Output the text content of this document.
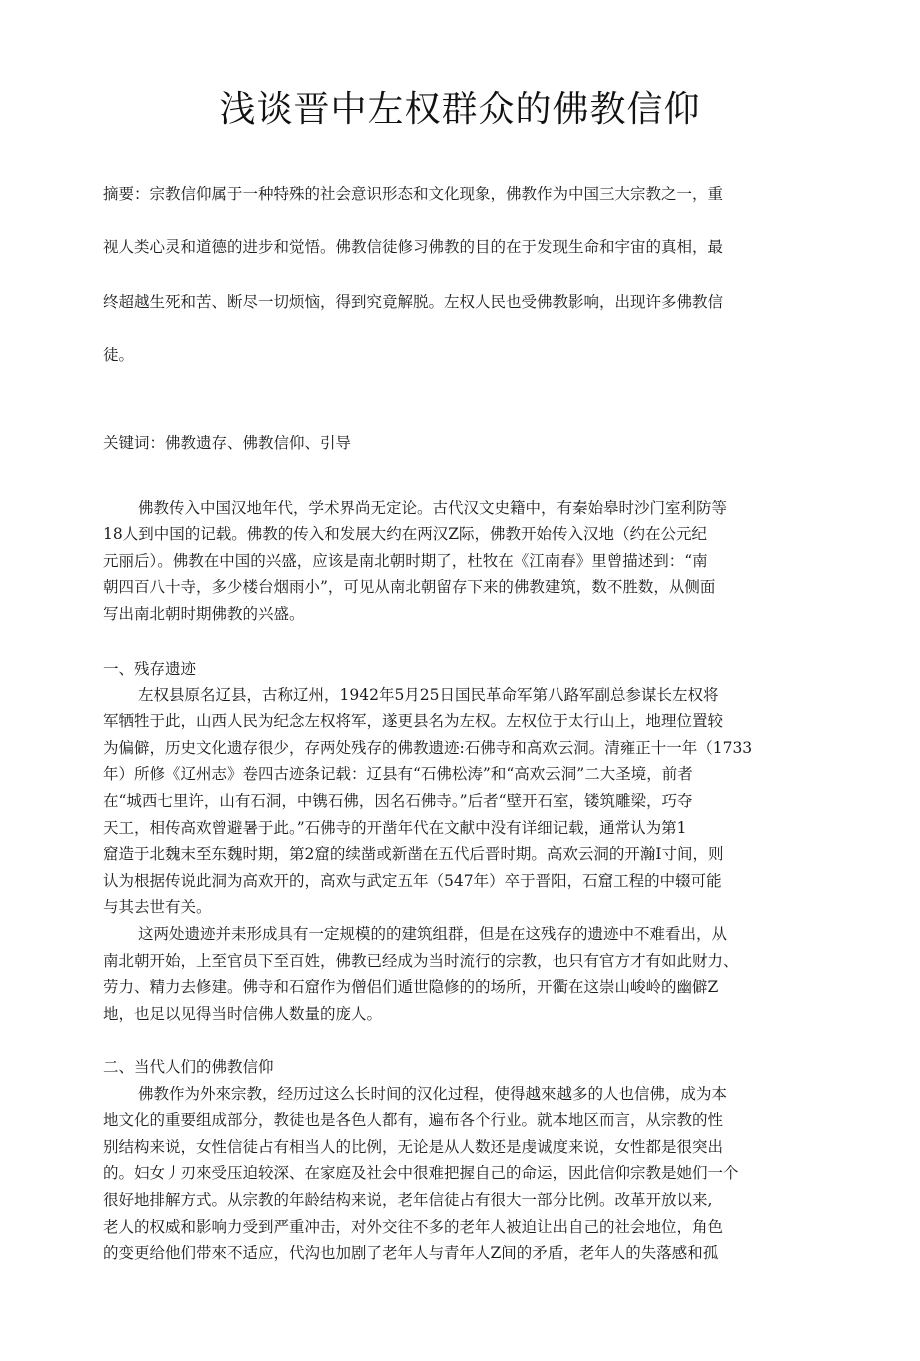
浅谈晋中左权群众的佛教信仰
摘要：宗教信仰属于一种特殊的社会意识形态和文化现象，佛教作为中国三大宗教之一，重
视人类心灵和道德的进步和觉悟。佛教信徒修习佛教的目的在于发现生命和宇宙的真相，最
终超越生死和苦、断尽一切烦恼，得到究竟解脱。左权人民也受佛教影响，出现许多佛教信
徒。
关键词：佛教遗存、佛教信仰、引导
佛教传入中国汉地年代，学术界尚无定论。古代汉文史籍中，有秦始皋时沙门室利防等
18人到中国的记载。佛教的传入和发展大约在两汉Z际，佛教开始传入汉地（约在公元纪
元丽后）。佛教在中国的兴盛，应该是南北朝时期了，杜牧在《江南春》里曾描述到：“南
朝四百八十寺，多少楼台烟雨小”，可见从南北朝留存下来的佛教建筑，数不胜数，从侧面
写出南北朝时期佛教的兴盛。
一、残存遗迹
左权县原名辽县，古称辽州，1942年5月25日国民革命军第八路军副总参谋长左权将
军牺牲于此，山西人民为纪念左权将军，遂更县名为左权。左权位于太行山上，地理位置较
为偏僻，历史文化遗存很少，存两处残存的佛教遗迹:石佛寺和高欢云洞。清雍正十一年（1733
年）所修《辽州志》卷四古迹条记载：辽县有“石佛松涛”和“高欢云洞”二大圣境，前者
在“城西七里许，山有石洞，中镌石佛，因名石佛寺。”后者“壁开石室，镂筑雕梁，巧夺
天工，相传高欢曾避暑于此。”石佛寺的开凿年代在文献中没有详细记载，通常认为第1
窟造于北魏末至东魏时期，第2窟的续凿或新凿在五代后晋时期。高欢云洞的开瀚I寸间，则
认为根据传说此洞为高欢开的，高欢与武定五年（547年）卒于晋阳，石窟工程的中辍可能
与其去世有关。
这两处遗迹并耒形成具有一定规模的的建筑组群，但是在这残存的遗迹中不难看出，从
南北朝开始，上至官员下至百姓，佛教已经成为当时流行的宗教，也只有官方才有如此财力、
劳力、精力去修建。佛寺和石窟作为僧侣们遁世隐修的的场所，开衢在这崇山峻岭的幽僻Z
地，也足以见得当时信佛人数量的庞人。
二、当代人们的佛教信仰
佛教作为外來宗教，经历过这么长时间的汉化过程，使得越來越多的人也信佛，成为本
地文化的重要组成部分，教徒也是各色人都有，遍布各个行业。就本地区而言，从宗教的性
别结构来说，女性信徒占有相当人的比例，无论是从人数还是虔诚度来说，女性都是很突出
的。妇女丿刃來受压迫较深、在家庭及社会中很难把握自己的命运，因此信仰宗教是她们一个
很好地排解方式。从宗教的年龄结构来说，老年信徒占有很大一部分比例。改革开放以来,
老人的权威和影响力受到严重冲击，对外交往不多的老年人被迫让出自己的社会地位，角色
的变更给他们带來不适应，代沟也加剧了老年人与青年人Z间的矛盾，老年人的失落感和孤
